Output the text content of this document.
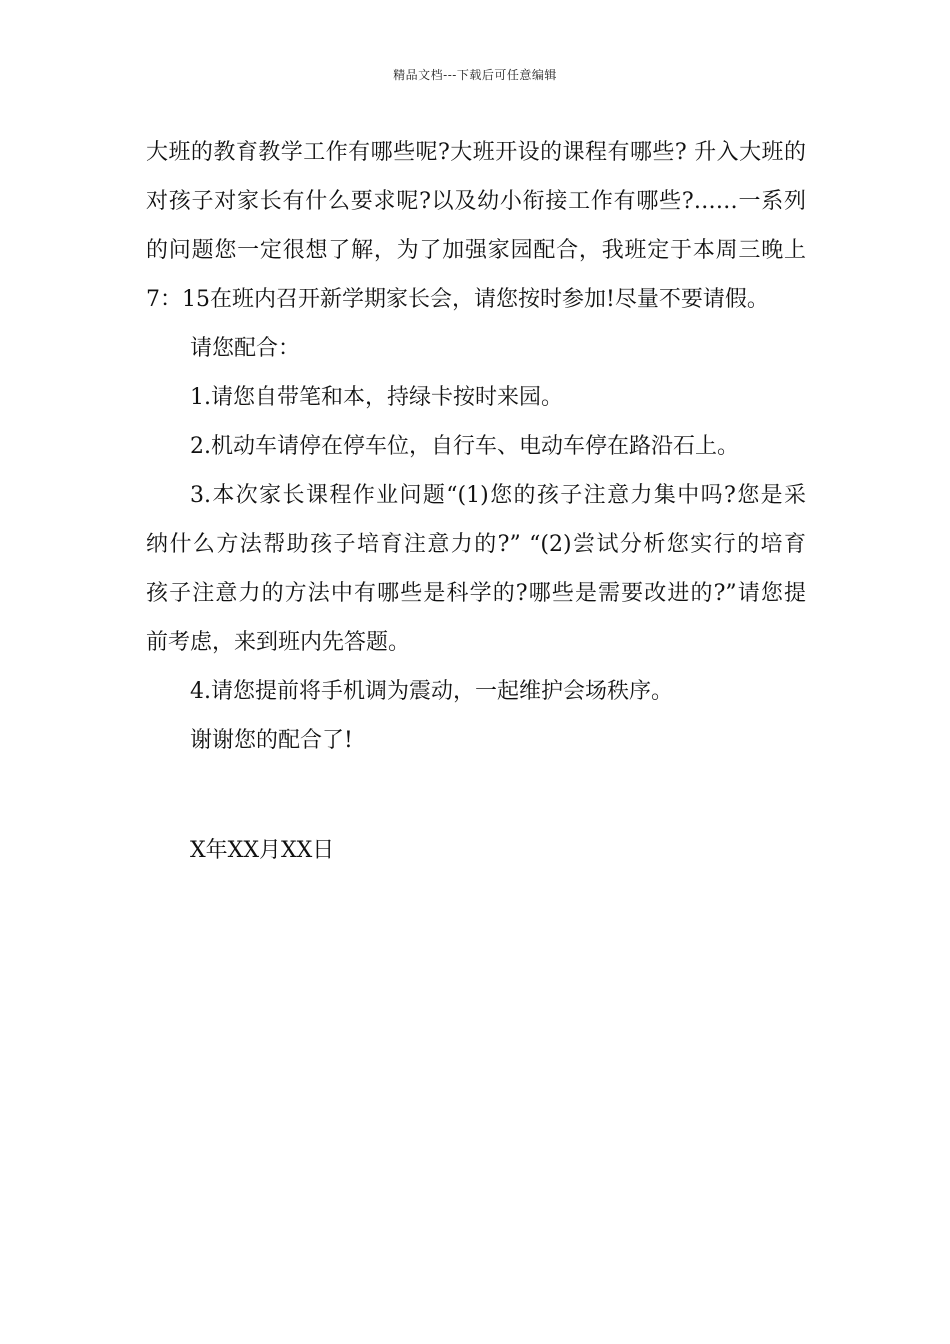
精品文档---下载后可任意编辑

大班的教育教学工作有哪些呢?大班开设的课程有哪些? 升入大班的
对孩子对家长有什么要求呢?以及幼小衔接工作有哪些?……一系列
的问题您一定很想了解，为了加强家园配合，我班定于本周三晚上
7：15在班内召开新学期家长会，请您按时参加!尽量不要请假。

请您配合：

1.请您自带笔和本，持绿卡按时来园。

2.机动车请停在停车位，自行车、电动车停在路沿石上。

3.本次家长课程作业问题“(1)您的孩子注意力集中吗?您是采
纳什么方法帮助孩子培育注意力的?” “(2)尝试分析您实行的培育
孩子注意力的方法中有哪些是科学的?哪些是需要改进的?”请您提
前考虑，来到班内先答题。

4.请您提前将手机调为震动，一起维护会场秩序。

谢谢您的配合了!

X年XX月XX日
